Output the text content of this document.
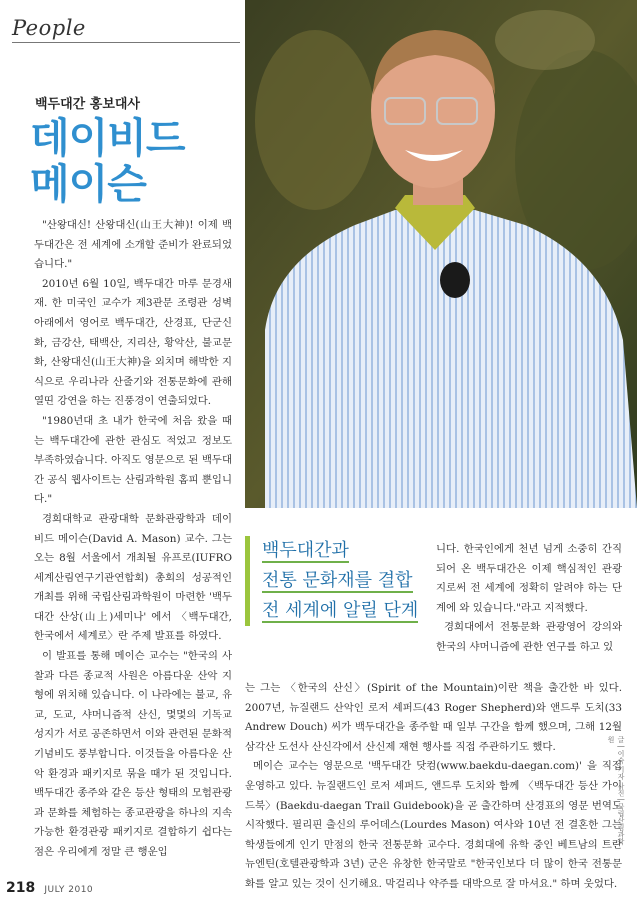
People
백두대간 홍보대사
데이비드
메이슨

"산왕대신! 산왕대신(山王大神)! 이제 백두대간은 전 세계에 소개할 준비가 완료되었습니다."

2010년 6월 10일, 백두대간 마루 문경새재. 한 미국인 교수가 제3관문 조령관 성벽 아래에서 영어로 백두대간, 산경표, 단군신화, 금강산, 태백산, 지리산, 황악산, 불교문화, 산왕대신(山王大神)을 외치며 해박한 지식으로 우리나라 산줄기와 전통문화에 관해 열띤 강연을 하는 진풍경이 연출되었다.

"1980년대 초 내가 한국에 처음 왔을 때는 백두대간에 관한 관심도 적었고 정보도 부족하였습니다. 아직도 영문으로 된 백두대간 공식 웹사이트는 산림과학원 홈피 뿐입니다."

경희대학교 관광대학 문화관광학과 데이비드 메이슨(David A. Mason) 교수. 그는 오는 8월 서울에서 개최될 유프로(IUFRO 세계산림연구기관연합회) 총회의 성공적인 개최를 위해 국립산림과학원이 마련한 '백두대간 산상(山上)세미나' 에서 〈백두대간, 한국에서 세계로〉란 주제 발표를 하였다.

이 발표를 통해 메이슨 교수는 "한국의 사찰과 다른 종교적 사원은 아름다운 산악 지형에 위치해 있습니다. 이 나라에는 불교, 유교, 도교, 샤머니즘적 산신, 몇몇의 기독교 성지가 서로 공존하면서 이와 관련된 문화적 기념비도 풍부합니다. 이것들을 아름다운 산악 환경과 패키지로 묶을 때가 된 것입니다. 백두대간 종주와 같은 등산 형태의 모험관광과 문화를 체험하는 종교관광을 하나의 지속 가능한 환경관광 패키지로 결합하기 쉽다는 점은 우리에게 정말 큰 행운입

백두대간과
전통 문화재를 결합
전 세계에 알릴 단계

니다. 한국인에게 천년 넘게 소중히 간직되어 온 백두대간은 이제 핵심적인 관광지로써 전 세계에 정확히 알려야 하는 단계에 와 있습니다."라고 지적했다.

경희대에서 전통문화 관광영어 강의와 한국의 샤머니즘에 관한 연구를 하고 있

는 그는 〈한국의 산신〉(Spirit of the Mountain)이란 책을 출간한 바 있다. 2007년, 뉴질랜드 산악인 로저 셰퍼드(43 Roger Shepherd)와 앤드루 도치(33 Andrew Douch) 씨가 백두대간을 종주할 때 일부 구간을 함께 했으며, 그해 12월 삼각산 도선사 산신각에서 산신제 재현 행사를 직접 주관하기도 했다.

메이슨 교수는 영문으로 '백두대간 닷컴(www.baekdu-daegan.com)' 을 직접 운영하고 있다. 뉴질랜드인 로저 셰퍼드, 앤드루 도치와 함께 〈백두대간 등산 가이드북〉(Baekdu-daegan Trail Guidebook)을 곧 출간하며 산경표의 영문 번역도 시작했다. 필리핀 출신의 루어데스(Lourdes Mason) 여사와 10년 전 결혼한 그는 학생들에게 인기 만점의 한국 전통문화 교수다. 경희대에 유학 중인 베트남의 트란뉴엔틴(호텔관광학과 3년) 군은 유창한 한국말로 "한국인보다 더 많이 한국 전통문화를 알고 있는 것이 신기해요. 막걸리나 약주를 대박으로 잘 마셔요." 하며 웃었다.

글 | 이숙 기자 사진 | 국립산림과학원
218 JULY 2010
